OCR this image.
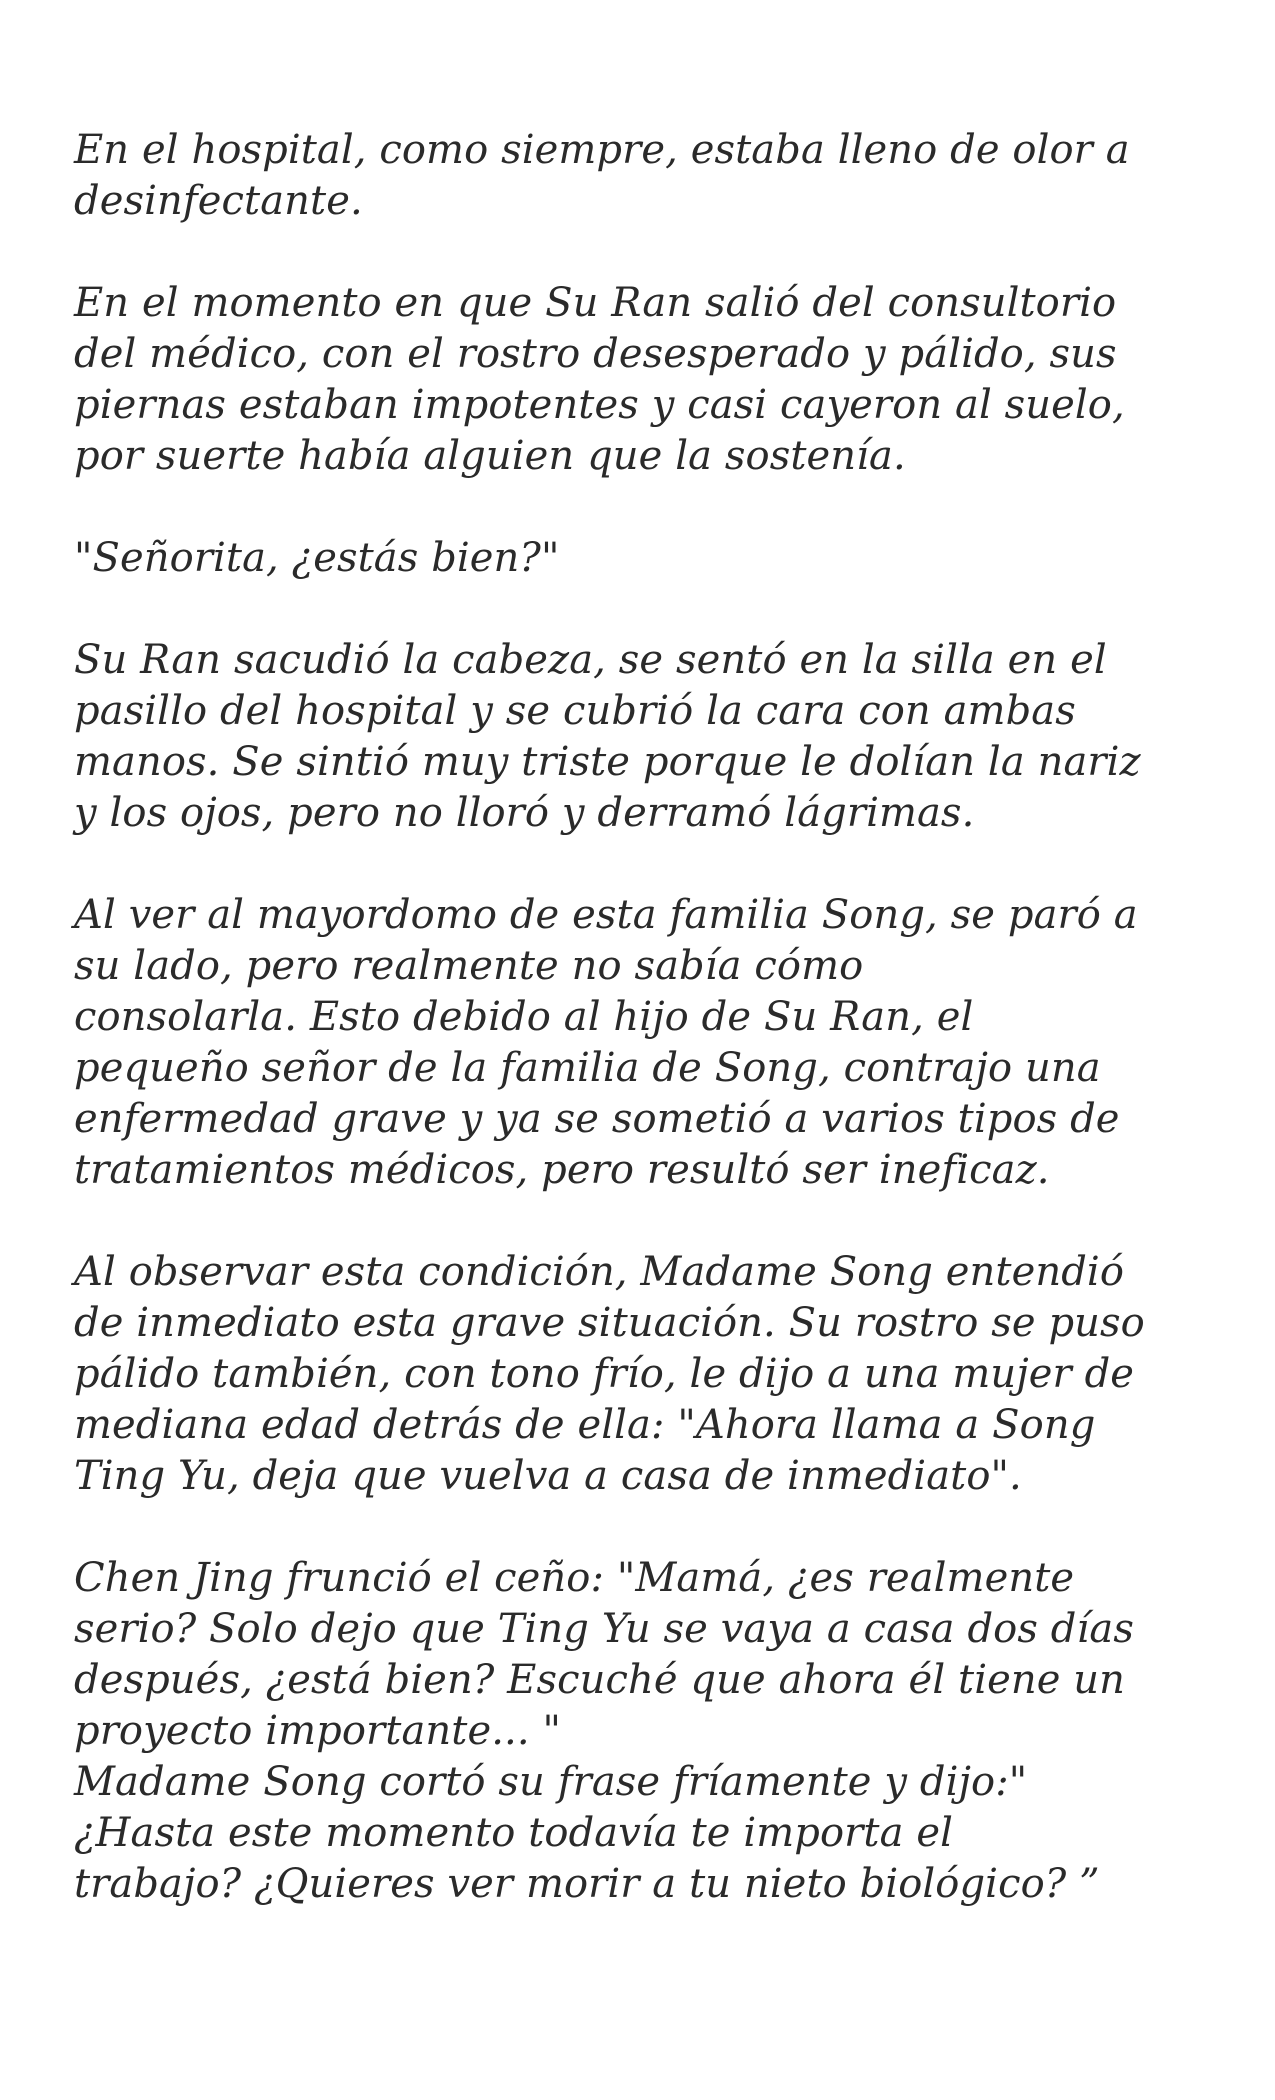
En el hospital, como siempre, estaba lleno de olor a
desinfectante.

En el momento en que Su Ran salió del consultorio
del médico, con el rostro desesperado y pálido, sus
piernas estaban impotentes y casi cayeron al suelo,
por suerte había alguien que la sostenía.

"Señorita, ¿estás bien?"

Su Ran sacudió la cabeza, se sentó en la silla en el
pasillo del hospital y se cubrió la cara con ambas
manos. Se sintió muy triste porque le dolían la nariz
y los ojos, pero no lloró y derramó lágrimas.

Al ver al mayordomo de esta familia Song, se paró a
su lado, pero realmente no sabía cómo
consolarla. Esto debido al hijo de Su Ran, el
pequeño señor de la familia de Song, contrajo una
enfermedad grave y ya se sometió a varios tipos de
tratamientos médicos, pero resultó ser ineficaz.

Al observar esta condición, Madame Song entendió
de inmediato esta grave situación. Su rostro se puso
pálido también, con tono frío, le dijo a una mujer de
mediana edad detrás de ella: "Ahora llama a Song
Ting Yu, deja que vuelva a casa de inmediato".

Chen Jing frunció el ceño: "Mamá, ¿es realmente
serio? Solo dejo que Ting Yu se vaya a casa dos días
después, ¿está bien? Escuché que ahora él tiene un
proyecto importante... "

Madame Song cortó su frase fríamente y dijo:"
¿Hasta este momento todavía te importa el
trabajo? ¿Quieres ver morir a tu nieto biológico? ”
